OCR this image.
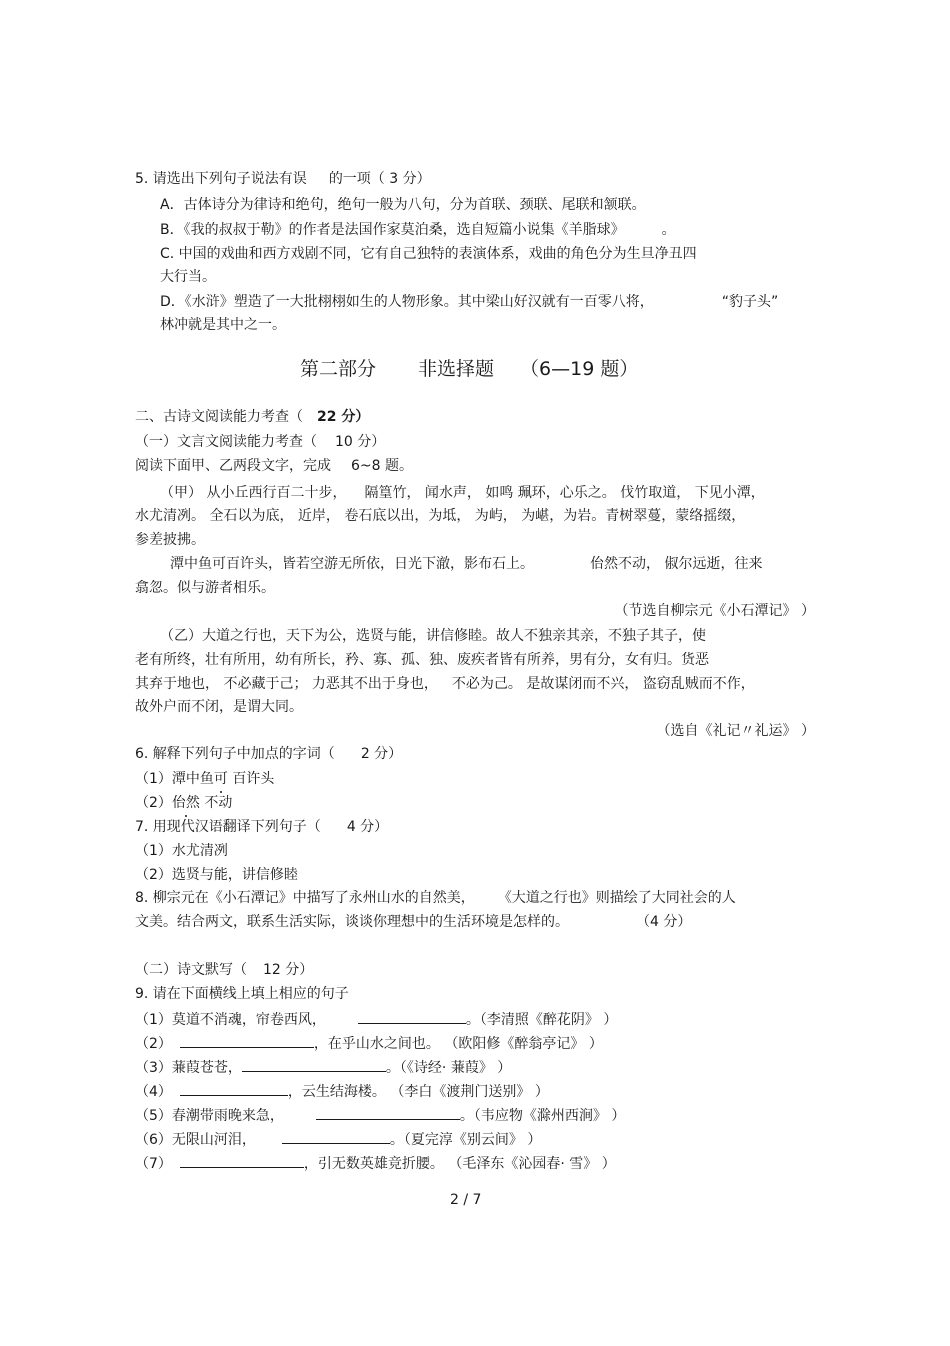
5. 请选出下列句子说法有误 的一项（ 3 分）
A．古体诗分为律诗和绝句，绝句一般为八句，分为首联、颈联、尾联和颔联。
B．《我的叔叔于勒》的作者是法国作家莫泊桑，选自短篇小说集《羊脂球》	。
C. 中国的戏曲和西方戏剧不同，它有自己独特的表演体系，戏曲的角色分为生旦净丑四
大行当。
D．《水浒》塑造了一大批栩栩如生的人物形象。其中梁山好汉就有一百零八将，	“豹子头”
林冲就是其中之一。
第二部分 非选择题 （6—19 题）
二、古诗文阅读能力考查（ 22 分）
（一）文言文阅读能力考查（ 10 分）
阅读下面甲、乙两段文字，完成 6~8 题。
（甲） 从小丘西行百二十步， 隔篁竹， 闻水声， 如鸣 珮环，心乐之。 伐竹取道， 下见小潭，
水尤清冽。 全石以为底， 近岸， 卷石底以出，为坻， 为屿， 为嵁，为岩。青树翠蔓，蒙络摇缀，
参差披拂。
潭中鱼可百许头，皆若空游无所依，日光下澈，影布石上。	佁然不动， 俶尔远逝，往来
翕忽。似与游者相乐。
（节选自柳宗元《小石潭记》 ）
（乙）大道之行也，天下为公，选贤与能，讲信修睦。故人不独亲其亲，不独子其子，使
老有所终，壮有所用，幼有所长，矜、寡、孤、独、废疾者皆有所养，男有分，女有归。货恶
其弃于地也， 不必藏于己； 力恶其不出于身也， 不必为己。 是故谋闭而不兴， 盗窃乱贼而不作，
故外户而不闭，是谓大同。
（选自《礼记〃礼运》 ）
6. 解释下列句子中加点的字词（ 2 分）
（1）潭中鱼可 百许头
（2）佁然 不动
7. 用现代汉语翻译下列句子（ 4 分）
（1）水尤清冽
（2）选贤与能，讲信修睦
8. 柳宗元在《小石潭记》中描写了永州山水的自然美， 《大道之行也》则描绘了大同社会的人
文美。结合两文，联系生活实际，谈谈你理想中的生活环境是怎样的。	（4 分）
（二）诗文默写（ 12 分）
9. 请在下面横线上填上相应的句子
（1）莫道不消魂，帘卷西风，	。（李清照《醉花阴》 ）
（2）	，在乎山水之间也。 （欧阳修《醉翁亭记》 ）
（3）蒹葭苍苍，	。（《诗经· 蒹葭》 ）
（4）	，云生结海楼。 （李白《渡荆门送别》 ）
（5）春潮带雨晚来急，	。（韦应物《滁州西涧》 ）
（6）无限山河泪，	。（夏完淳《别云间》 ）
（7）	，引无数英雄竞折腰。 （毛泽东《沁园春· 雪》 ）
2 / 7
